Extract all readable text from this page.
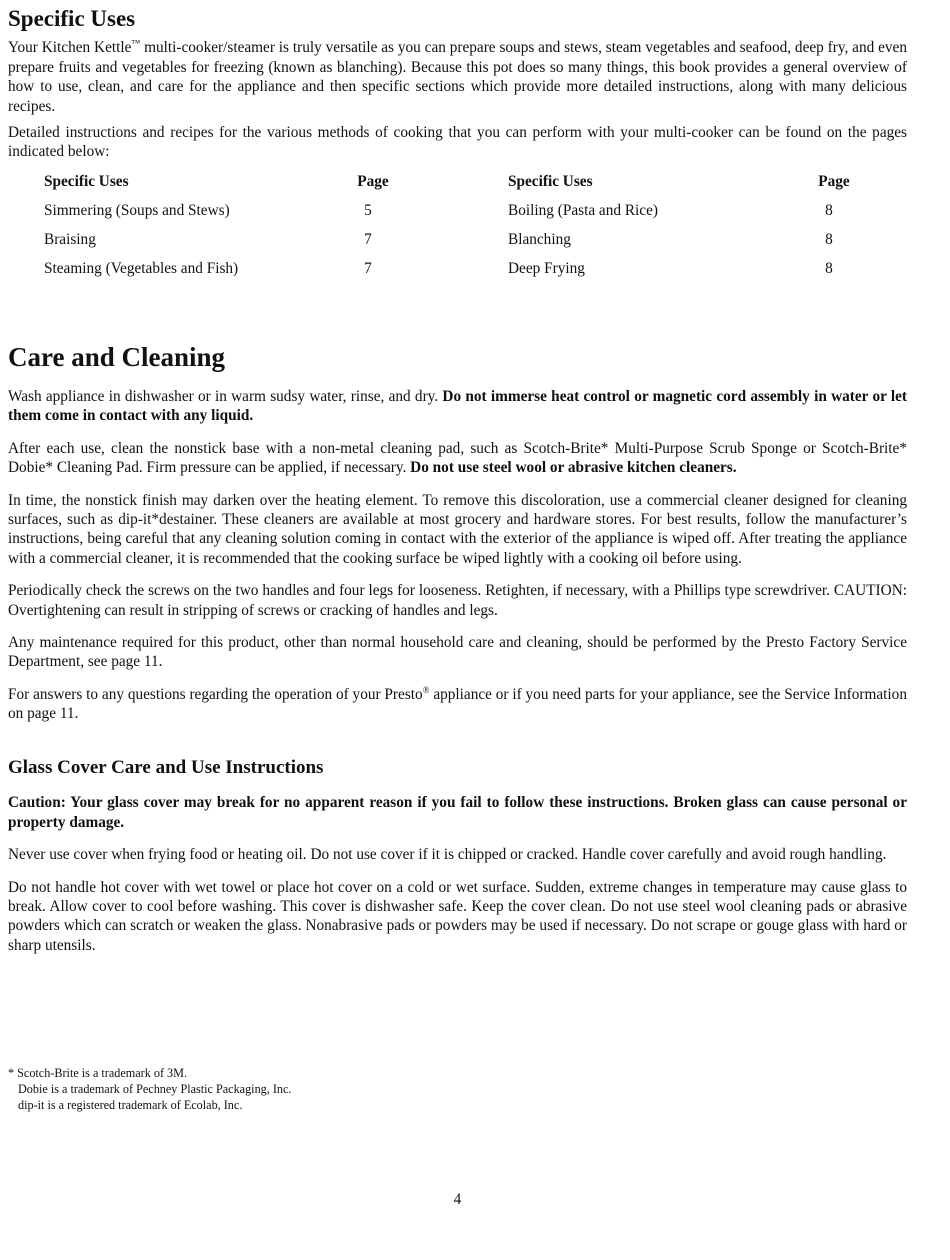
Specific Uses

Your Kitchen Kettle™ multi-cooker/steamer is truly versatile as you can prepare soups and stews, steam vegetables and seafood, deep fry, and even prepare fruits and vegetables for freezing (known as blanching). Because this pot does so many things, this book provides a general overview of how to use, clean, and care for the appliance and then specific sections which provide more detailed instructions, along with many delicious recipes.

Detailed instructions and recipes for the various methods of cooking that you can perform with your multi-cooker can be found on the pages indicated below:

Specific Uses	Page	Specific Uses	Page
Simmering (Soups and Stews)	5	Boiling (Pasta and Rice)	8
Braising	7	Blanching	8
Steaming (Vegetables and Fish)	7	Deep Frying	8
Care and Cleaning

Wash appliance in dishwasher or in warm sudsy water, rinse, and dry. Do not immerse heat control or magnetic cord assembly in water or let them come in contact with any liquid.

After each use, clean the nonstick base with a non-metal cleaning pad, such as Scotch-Brite* Multi-Purpose Scrub Sponge or Scotch-Brite* Dobie* Cleaning Pad. Firm pressure can be applied, if necessary. Do not use steel wool or abrasive kitchen cleaners.

In time, the nonstick finish may darken over the heating element. To remove this discoloration, use a commercial cleaner designed for cleaning surfaces, such as dip-it*destainer. These cleaners are available at most grocery and hardware stores. For best results, follow the manufacturer’s instructions, being careful that any cleaning solution coming in contact with the exterior of the appliance is wiped off. After treating the appliance with a commercial cleaner, it is recommended that the cooking surface be wiped lightly with a cooking oil before using.

Periodically check the screws on the two handles and four legs for looseness. Retighten, if necessary, with a Phillips type screwdriver. CAUTION: Overtightening can result in stripping of screws or cracking of handles and legs.

Any maintenance required for this product, other than normal household care and cleaning, should be performed by the Presto Factory Service Department, see page 11.

For answers to any questions regarding the operation of your Presto® appliance or if you need parts for your appliance, see the Service Information on page 11.

Glass Cover Care and Use Instructions

Caution: Your glass cover may break for no apparent reason if you fail to follow these instructions. Broken glass can cause personal or property damage.

Never use cover when frying food or heating oil. Do not use cover if it is chipped or cracked. Handle cover carefully and avoid rough handling.

Do not handle hot cover with wet towel or place hot cover on a cold or wet surface. Sudden, extreme changes in temperature may cause glass to break. Allow cover to cool before washing. This cover is dishwasher safe. Keep the cover clean. Do not use steel wool cleaning pads or abrasive powders which can scratch or weaken the glass. Nonabrasive pads or powders may be used if necessary. Do not scrape or gouge glass with hard or sharp utensils.

* Scotch-Brite is a trademark of 3M.
Dobie is a trademark of Pechney Plastic Packaging, Inc.
dip-it is a registered trademark of Ecolab, Inc.
4
